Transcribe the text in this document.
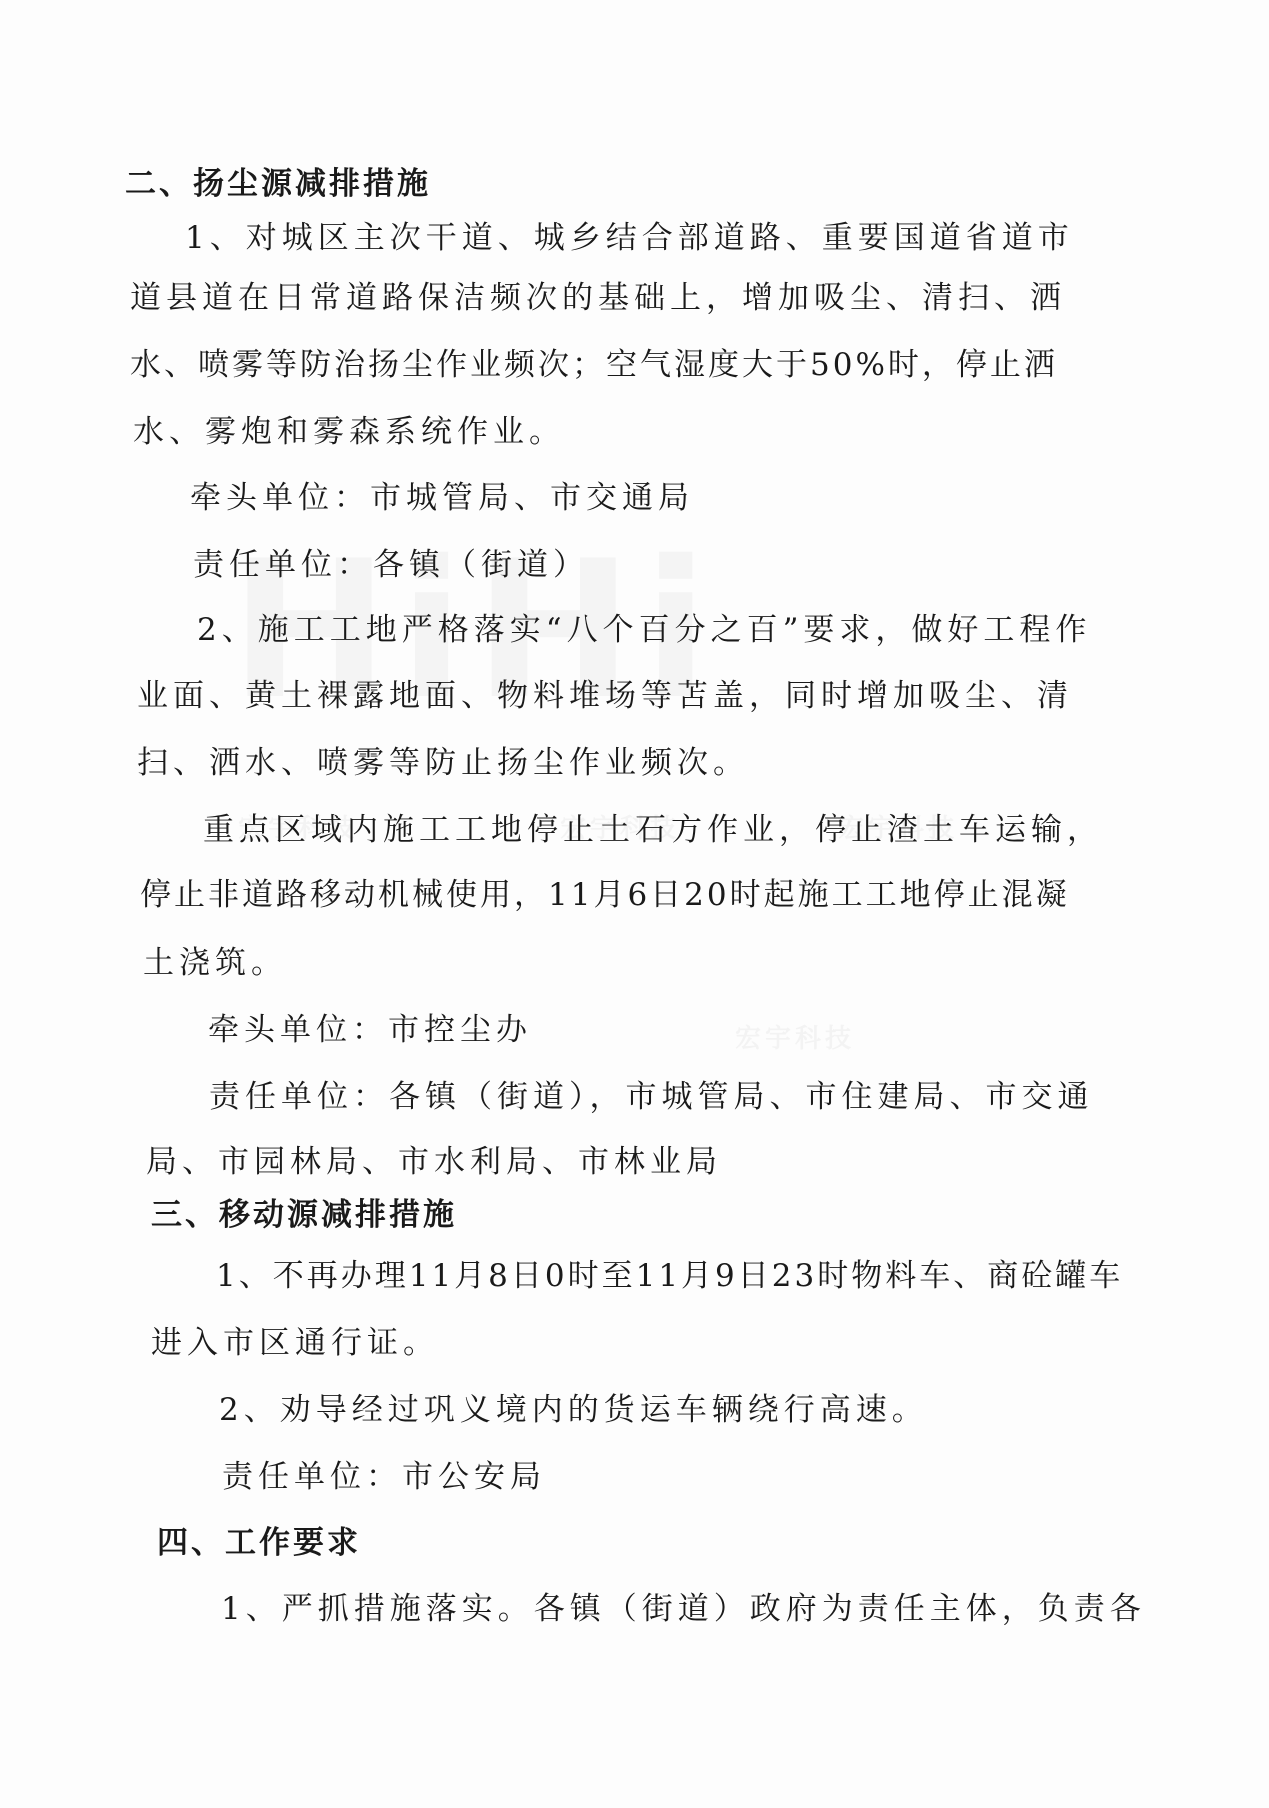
二、扬尘源减排措施
1、对城区主次干道、城乡结合部道路、重要国道省道市
道县道在日常道路保洁频次的基础上，增加吸尘、清扫、洒
水、喷雾等防治扬尘作业频次；空气湿度大于50%时，停止洒
水、雾炮和雾森系统作业。
牵头单位：市城管局、市交通局
责任单位：各镇（街道）
2、施工工地严格落实“八个百分之百”要求，做好工程作
业面、黄土裸露地面、物料堆场等苫盖，同时增加吸尘、清
扫、洒水、喷雾等防止扬尘作业频次。
重点区域内施工工地停止土石方作业，停止渣土车运输，
停止非道路移动机械使用，11月6日20时起施工工地停止混凝
土浇筑。
牵头单位：市控尘办
责任单位：各镇（街道），市城管局、市住建局、市交通
局、市园林局、市水利局、市林业局
三、移动源减排措施
1、不再办理11月8日0时至11月9日23时物料车、商砼罐车
进入市区通行证。
2、劝导经过巩义境内的货运车辆绕行高速。
责任单位：市公安局
四、工作要求
1、严抓措施落实。各镇（街道）政府为责任主体，负责各
